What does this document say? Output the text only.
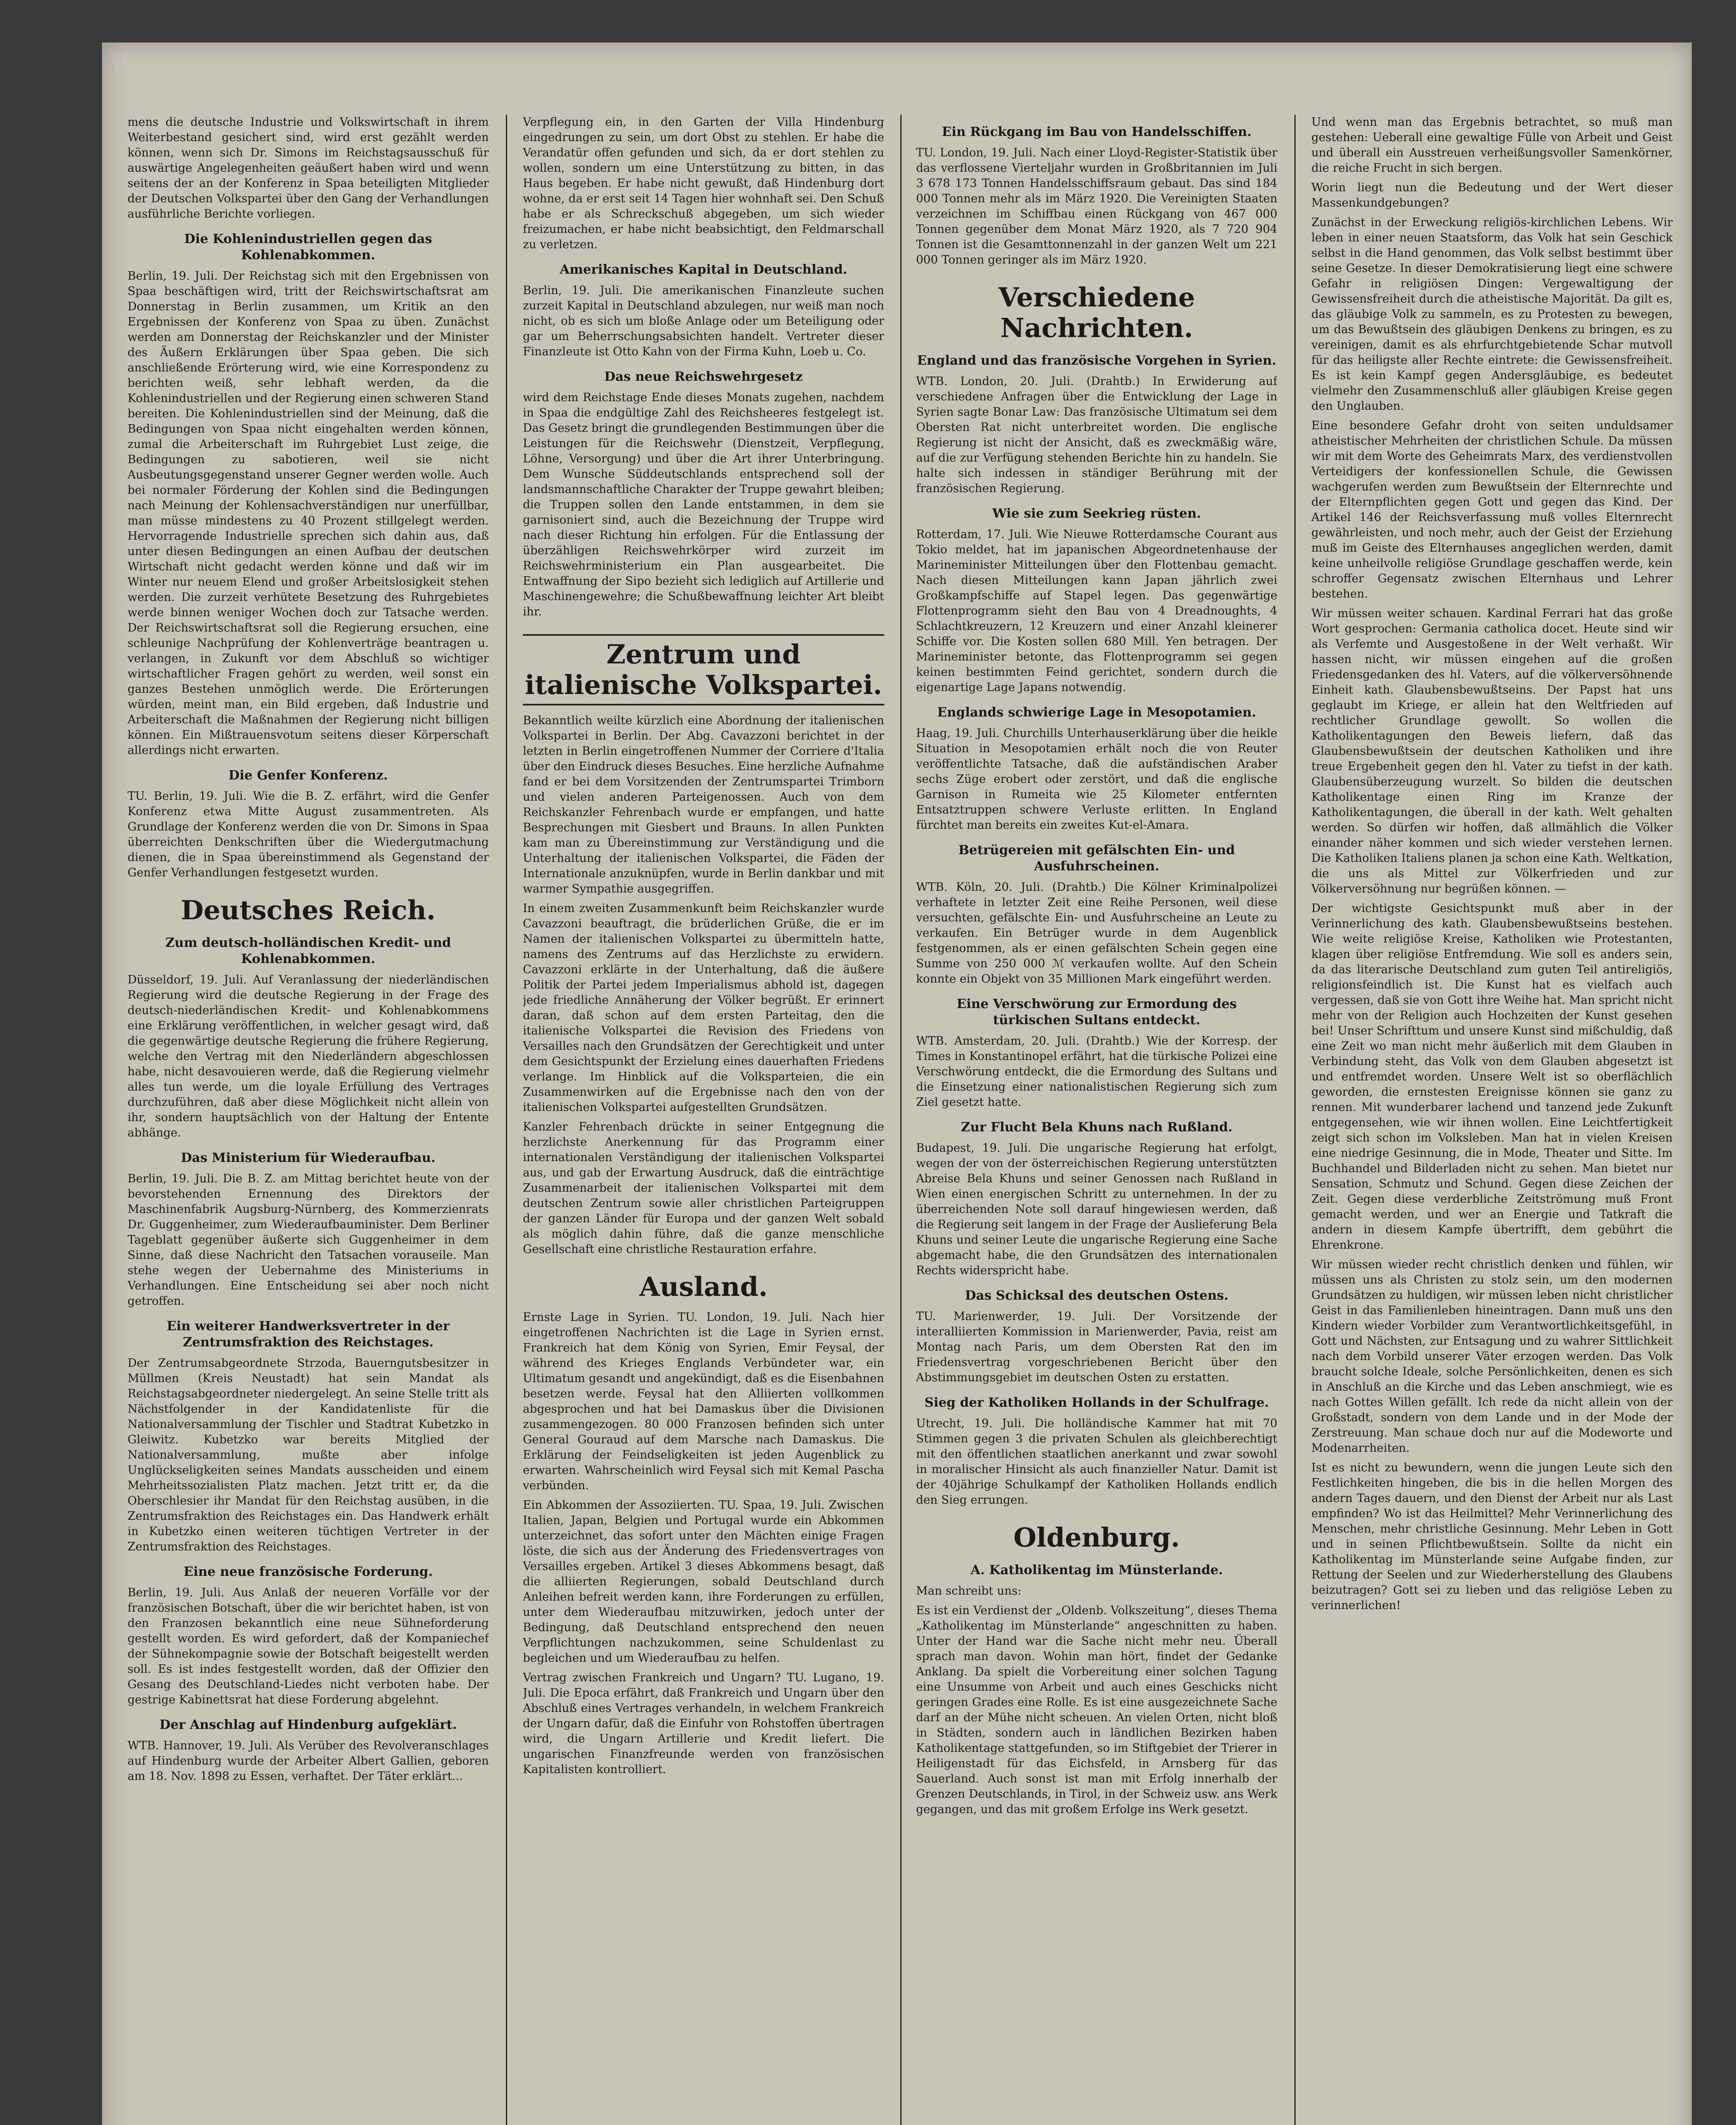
mens die deutsche Industrie und Volkswirtschaft in ihrem Weiterbestand gesichert sind, wird erst gezählt werden können, wenn sich Dr. Simons im Reichstagsausschuß für auswärtige Angelegenheiten geäußert haben wird und wenn seitens der an der Konferenz in Spaa beteiligten Mitglieder der Deutschen Volkspartei über den Gang der Verhandlungen ausführliche Berichte vorliegen.

Die Kohlenindustriellen gegen das Kohlenabkommen.

Berlin, 19. Juli. Der Reichstag sich mit den Ergebnissen von Spaa beschäftigen wird, tritt der Reichswirtschaftsrat am Donnerstag in Berlin zusammen, um Kritik an den Ergebnissen der Konferenz von Spaa zu üben. Zunächst werden am Donnerstag der Reichskanzler und der Minister des Äußern Erklärungen über Spaa geben. Die sich anschließende Erörterung wird, wie eine Korrespondenz zu berichten weiß, sehr lebhaft werden, da die Kohlenindustriellen und der Regierung einen schweren Stand bereiten. Die Kohlenindustriellen sind der Meinung, daß die Bedingungen von Spaa nicht eingehalten werden können, zumal die Arbeiterschaft im Ruhrgebiet Lust zeige, die Bedingungen zu sabotieren, weil sie nicht Ausbeutungsgegenstand unserer Gegner werden wolle. Auch bei normaler Förderung der Kohlen sind die Bedingungen nach Meinung der Kohlensachverständigen nur unerfüllbar, man müsse mindestens zu 40 Prozent stillgelegt werden. Hervorragende Industrielle sprechen sich dahin aus, daß unter diesen Bedingungen an einen Aufbau der deutschen Wirtschaft nicht gedacht werden könne und daß wir im Winter nur neuem Elend und großer Arbeitslosigkeit stehen werden. Die zurzeit verhütete Besetzung des Ruhrgebietes werde binnen weniger Wochen doch zur Tatsache werden. Der Reichswirtschaftsrat soll die Regierung ersuchen, eine schleunige Nachprüfung der Kohlenverträge beantragen u. verlangen, in Zukunft vor dem Abschluß so wichtiger wirtschaftlicher Fragen gehört zu werden, weil sonst ein ganzes Bestehen unmöglich werde. Die Erörterungen würden, meint man, ein Bild ergeben, daß Industrie und Arbeiterschaft die Maßnahmen der Regierung nicht billigen können. Ein Mißtrauensvotum seitens dieser Körperschaft allerdings nicht erwarten.

Die Genfer Konferenz.

TU. Berlin, 19. Juli. Wie die B. Z. erfährt, wird die Genfer Konferenz etwa Mitte August zusammentreten. Als Grundlage der Konferenz werden die von Dr. Simons in Spaa überreichten Denkschriften über die Wiedergutmachung dienen, die in Spaa übereinstimmend als Gegenstand der Genfer Verhandlungen festgesetzt wurden.

Deutsches Reich.
Zum deutsch-holländischen Kredit- und Kohlenabkommen.

Düsseldorf, 19. Juli. Auf Veranlassung der niederländischen Regierung wird die deutsche Regierung in der Frage des deutsch-niederländischen Kredit- und Kohlenabkommens eine Erklärung veröffentlichen, in welcher gesagt wird, daß die gegenwärtige deutsche Regierung die frühere Regierung, welche den Vertrag mit den Niederländern abgeschlossen habe, nicht desavouieren werde, daß die Regierung vielmehr alles tun werde, um die loyale Erfüllung des Vertrages durchzuführen, daß aber diese Möglichkeit nicht allein von ihr, sondern hauptsächlich von der Haltung der Entente abhänge.

Das Ministerium für Wiederaufbau.

Berlin, 19. Juli. Die B. Z. am Mittag berichtet heute von der bevorstehenden Ernennung des Direktors der Maschinenfabrik Augsburg-Nürnberg, des Kommerzienrats Dr. Guggenheimer, zum Wiederaufbauminister. Dem Berliner Tageblatt gegenüber äußerte sich Guggenheimer in dem Sinne, daß diese Nachricht den Tatsachen vorauseile. Man stehe wegen der Uebernahme des Ministeriums in Verhandlungen. Eine Entscheidung sei aber noch nicht getroffen.

Ein weiterer Handwerksvertreter in der Zentrumsfraktion des Reichstages.

Der Zentrumsabgeordnete Strzoda, Bauerngutsbesitzer in Müllmen (Kreis Neustadt) hat sein Mandat als Reichstagsabgeordneter niedergelegt. An seine Stelle tritt als Nächstfolgender in der Kandidatenliste für die Nationalversammlung der Tischler und Stadtrat Kubetzko in Gleiwitz. Kubetzko war bereits Mitglied der Nationalversammlung, mußte aber infolge Unglückseligkeiten seines Mandats ausscheiden und einem Mehrheitssozialisten Platz machen. Jetzt tritt er, da die Oberschlesier ihr Mandat für den Reichstag ausüben, in die Zentrumsfraktion des Reichstages ein. Das Handwerk erhält in Kubetzko einen weiteren tüchtigen Vertreter in der Zentrumsfraktion des Reichstages.

Eine neue französische Forderung.

Berlin, 19. Juli. Aus Anlaß der neueren Vorfälle vor der französischen Botschaft, über die wir berichtet haben, ist von den Franzosen bekanntlich eine neue Sühneforderung gestellt worden. Es wird gefordert, daß der Kompaniechef der Sühnekompagnie sowie der Botschaft beigestellt werden soll. Es ist indes festgestellt worden, daß der Offizier den Gesang des Deutschland-Liedes nicht verboten habe. Der gestrige Kabinettsrat hat diese Forderung abgelehnt.

Der Anschlag auf Hindenburg aufgeklärt.

WTB. Hannover, 19. Juli. Als Verüber des Revolveranschlages auf Hindenburg wurde der Arbeiter Albert Gallien, geboren am 18. Nov. 1898 zu Essen, verhaftet. Der Täter erklärt...

Verpflegung ein, in den Garten der Villa Hindenburg eingedrungen zu sein, um dort Obst zu stehlen. Er habe die Verandatür offen gefunden und sich, da er dort stehlen zu wollen, sondern um eine Unterstützung zu bitten, in das Haus begeben. Er habe nicht gewußt, daß Hindenburg dort wohne, da er erst seit 14 Tagen hier wohnhaft sei. Den Schuß habe er als Schreckschuß abgegeben, um sich wieder freizumachen, er habe nicht beabsichtigt, den Feldmarschall zu verletzen.

Amerikanisches Kapital in Deutschland.

Berlin, 19. Juli. Die amerikanischen Finanzleute suchen zurzeit Kapital in Deutschland abzulegen, nur weiß man noch nicht, ob es sich um bloße Anlage oder um Beteiligung oder gar um Beherrschungsabsichten handelt. Vertreter dieser Finanzleute ist Otto Kahn von der Firma Kuhn, Loeb u. Co.

Das neue Reichswehrgesetz

wird dem Reichstage Ende dieses Monats zugehen, nachdem in Spaa die endgültige Zahl des Reichsheeres festgelegt ist. Das Gesetz bringt die grundlegenden Bestimmungen über die Leistungen für die Reichswehr (Dienstzeit, Verpflegung, Löhne, Versorgung) und über die Art ihrer Unterbringung. Dem Wunsche Süddeutschlands entsprechend soll der landsmannschaftliche Charakter der Truppe gewahrt bleiben; die Truppen sollen den Lande entstammen, in dem sie garnisoniert sind, auch die Bezeichnung der Truppe wird nach dieser Richtung hin erfolgen. Für die Entlassung der überzähligen Reichswehrkörper wird zurzeit im Reichswehrministerium ein Plan ausgearbeitet. Die Entwaffnung der Sipo bezieht sich lediglich auf Artillerie und Maschinengewehre; die Schußbewaffnung leichter Art bleibt ihr.

Zentrum und italienische Volkspartei.

Bekanntlich weilte kürzlich eine Abordnung der italienischen Volkspartei in Berlin. Der Abg. Cavazzoni berichtet in der letzten in Berlin eingetroffenen Nummer der Corriere d'Italia über den Eindruck dieses Besuches. Eine herzliche Aufnahme fand er bei dem Vorsitzenden der Zentrumspartei Trimborn und vielen anderen Parteigenossen. Auch von dem Reichskanzler Fehrenbach wurde er empfangen, und hatte Besprechungen mit Giesbert und Brauns. In allen Punkten kam man zu Übereinstimmung zur Verständigung und die Unterhaltung der italienischen Volkspartei, die Fäden der Internationale anzuknüpfen, wurde in Berlin dankbar und mit warmer Sympathie ausgegriffen.

In einem zweiten Zusammenkunft beim Reichskanzler wurde Cavazzoni beauftragt, die brüderlichen Grüße, die er im Namen der italienischen Volkspartei zu übermitteln hatte, namens des Zentrums auf das Herzlichste zu erwidern. Cavazzoni erklärte in der Unterhaltung, daß die äußere Politik der Partei jedem Imperialismus abhold ist, dagegen jede friedliche Annäherung der Völker begrüßt. Er erinnert daran, daß schon auf dem ersten Parteitag, den die italienische Volkspartei die Revision des Friedens von Versailles nach den Grundsätzen der Gerechtigkeit und unter dem Gesichtspunkt der Erzielung eines dauerhaften Friedens verlange. Im Hinblick auf die Volksparteien, die ein Zusammenwirken auf die Ergebnisse nach den von der italienischen Volkspartei aufgestellten Grundsätzen.

Kanzler Fehrenbach drückte in seiner Entgegnung die herzlichste Anerkennung für das Programm einer internationalen Verständigung der italienischen Volkspartei aus, und gab der Erwartung Ausdruck, daß die einträchtige Zusammenarbeit der italienischen Volkspartei mit dem deutschen Zentrum sowie aller christlichen Parteigruppen der ganzen Länder für Europa und der ganzen Welt sobald als möglich dahin führe, daß die ganze menschliche Gesellschaft eine christliche Restauration erfahre.

Ausland.

Ernste Lage in Syrien. TU. London, 19. Juli. Nach hier eingetroffenen Nachrichten ist die Lage in Syrien ernst. Frankreich hat dem König von Syrien, Emir Feysal, der während des Krieges Englands Verbündeter war, ein Ultimatum gesandt und angekündigt, daß es die Eisenbahnen besetzen werde. Feysal hat den Alliierten vollkommen abgesprochen und hat bei Damaskus über die Divisionen zusammengezogen. 80 000 Franzosen befinden sich unter General Gouraud auf dem Marsche nach Damaskus. Die Erklärung der Feindseligkeiten ist jeden Augenblick zu erwarten. Wahrscheinlich wird Feysal sich mit Kemal Pascha verbünden.

Ein Abkommen der Assoziierten. TU. Spaa, 19. Juli. Zwischen Italien, Japan, Belgien und Portugal wurde ein Abkommen unterzeichnet, das sofort unter den Mächten einige Fragen löste, die sich aus der Änderung des Friedensvertrages von Versailles ergeben. Artikel 3 dieses Abkommens besagt, daß die alliierten Regierungen, sobald Deutschland durch Anleihen befreit werden kann, ihre Forderungen zu erfüllen, unter dem Wiederaufbau mitzuwirken, jedoch unter der Bedingung, daß Deutschland entsprechend den neuen Verpflichtungen nachzukommen, seine Schuldenlast zu begleichen und um Wiederaufbau zu helfen.

Vertrag zwischen Frankreich und Ungarn? TU. Lugano, 19. Juli. Die Epoca erfährt, daß Frankreich und Ungarn über den Abschluß eines Vertrages verhandeln, in welchem Frankreich der Ungarn dafür, daß die Einfuhr von Rohstoffen übertragen wird, die Ungarn Artillerie und Kredit liefert. Die ungarischen Finanzfreunde werden von französischen Kapitalisten kontrolliert.

Ein Rückgang im Bau von Handelsschiffen.

TU. London, 19. Juli. Nach einer Lloyd-Register-Statistik über das verflossene Vierteljahr wurden in Großbritannien im Juli 3 678 173 Tonnen Handelsschiffsraum gebaut. Das sind 184 000 Tonnen mehr als im März 1920. Die Vereinigten Staaten verzeichnen im Schiffbau einen Rückgang von 467 000 Tonnen gegenüber dem Monat März 1920, als 7 720 904 Tonnen ist die Gesamttonnenzahl in der ganzen Welt um 221 000 Tonnen geringer als im März 1920.

Verschiedene Nachrichten.
England und das französische Vorgehen in Syrien.

WTB. London, 20. Juli. (Drahtb.) In Erwiderung auf verschiedene Anfragen über die Entwicklung der Lage in Syrien sagte Bonar Law: Das französische Ultimatum sei dem Obersten Rat nicht unterbreitet worden. Die englische Regierung ist nicht der Ansicht, daß es zweckmäßig wäre, auf die zur Verfügung stehenden Berichte hin zu handeln. Sie halte sich indessen in ständiger Berührung mit der französischen Regierung.

Wie sie zum Seekrieg rüsten.

Rotterdam, 17. Juli. Wie Nieuwe Rotterdamsche Courant aus Tokio meldet, hat im japanischen Abgeordnetenhause der Marineminister Mitteilungen über den Flottenbau gemacht. Nach diesen Mitteilungen kann Japan jährlich zwei Großkampfschiffe auf Stapel legen. Das gegenwärtige Flottenprogramm sieht den Bau von 4 Dreadnoughts, 4 Schlachtkreuzern, 12 Kreuzern und einer Anzahl kleinerer Schiffe vor. Die Kosten sollen 680 Mill. Yen betragen. Der Marineminister betonte, das Flottenprogramm sei gegen keinen bestimmten Feind gerichtet, sondern durch die eigenartige Lage Japans notwendig.

Englands schwierige Lage in Mesopotamien.

Haag, 19. Juli. Churchills Unterhauserklärung über die heikle Situation in Mesopotamien erhält noch die von Reuter veröffentlichte Tatsache, daß die aufständischen Araber sechs Züge erobert oder zerstört, und daß die englische Garnison in Rumeita wie 25 Kilometer entfernten Entsatztruppen schwere Verluste erlitten. In England fürchtet man bereits ein zweites Kut-el-Amara.

Betrügereien mit gefälschten Ein- und Ausfuhrscheinen.

WTB. Köln, 20. Juli. (Drahtb.) Die Kölner Kriminalpolizei verhaftete in letzter Zeit eine Reihe Personen, weil diese versuchten, gefälschte Ein- und Ausfuhrscheine an Leute zu verkaufen. Ein Betrüger wurde in dem Augenblick festgenommen, als er einen gefälschten Schein gegen eine Summe von 250 000 ℳ verkaufen wollte. Auf den Schein konnte ein Objekt von 35 Millionen Mark eingeführt werden.

Eine Verschwörung zur Ermordung des türkischen Sultans entdeckt.

WTB. Amsterdam, 20. Juli. (Drahtb.) Wie der Korresp. der Times in Konstantinopel erfährt, hat die türkische Polizei eine Verschwörung entdeckt, die die Ermordung des Sultans und die Einsetzung einer nationalistischen Regierung sich zum Ziel gesetzt hatte.

Zur Flucht Bela Khuns nach Rußland.

Budapest, 19. Juli. Die ungarische Regierung hat erfolgt, wegen der von der österreichischen Regierung unterstützten Abreise Bela Khuns und seiner Genossen nach Rußland in Wien einen energischen Schritt zu unternehmen. In der zu überreichenden Note soll darauf hingewiesen werden, daß die Regierung seit langem in der Frage der Auslieferung Bela Khuns und seiner Leute die ungarische Regierung eine Sache abgemacht habe, die den Grundsätzen des internationalen Rechts widerspricht habe.

Das Schicksal des deutschen Ostens.

TU. Marienwerder, 19. Juli. Der Vorsitzende der interalliierten Kommission in Marienwerder, Pavia, reist am Montag nach Paris, um dem Obersten Rat den im Friedensvertrag vorgeschriebenen Bericht über den Abstimmungsgebiet im deutschen Osten zu erstatten.

Sieg der Katholiken Hollands in der Schulfrage.

Utrecht, 19. Juli. Die holländische Kammer hat mit 70 Stimmen gegen 3 die privaten Schulen als gleichberechtigt mit den öffentlichen staatlichen anerkannt und zwar sowohl in moralischer Hinsicht als auch finanzieller Natur. Damit ist der 40jährige Schulkampf der Katholiken Hollands endlich den Sieg errungen.

Oldenburg.
A. Katholikentag im Münsterlande.

Man schreibt uns:

Es ist ein Verdienst der „Oldenb. Volkszeitung“, dieses Thema „Katholikentag im Münsterlande“ angeschnitten zu haben. Unter der Hand war die Sache nicht mehr neu. Überall sprach man davon. Wohin man hört, findet der Gedanke Anklang. Da spielt die Vorbereitung einer solchen Tagung eine Unsumme von Arbeit und auch eines Geschicks nicht geringen Grades eine Rolle. Es ist eine ausgezeichnete Sache darf an der Mühe nicht scheuen. An vielen Orten, nicht bloß in Städten, sondern auch in ländlichen Bezirken haben Katholikentage stattgefunden, so im Stiftgebiet der Trierer in Heiligenstadt für das Eichsfeld, in Arnsberg für das Sauerland. Auch sonst ist man mit Erfolg innerhalb der Grenzen Deutschlands, in Tirol, in der Schweiz usw. ans Werk gegangen, und das mit großem Erfolge ins Werk gesetzt.

Und wenn man das Ergebnis betrachtet, so muß man gestehen: Ueberall eine gewaltige Fülle von Arbeit und Geist und überall ein Ausstreuen verheißungsvoller Samenkörner, die reiche Frucht in sich bergen.

Worin liegt nun die Bedeutung und der Wert dieser Massenkundgebungen?

Zunächst in der Erweckung religiös-kirchlichen Lebens. Wir leben in einer neuen Staatsform, das Volk hat sein Geschick selbst in die Hand genommen, das Volk selbst bestimmt über seine Gesetze. In dieser Demokratisierung liegt eine schwere Gefahr in religiösen Dingen: Vergewaltigung der Gewissensfreiheit durch die atheistische Majorität. Da gilt es, das gläubige Volk zu sammeln, es zu Protesten zu bewegen, um das Bewußtsein des gläubigen Denkens zu bringen, es zu vereinigen, damit es als ehrfurchtgebietende Schar mutvoll für das heiligste aller Rechte eintrete: die Gewissensfreiheit. Es ist kein Kampf gegen Andersgläubige, es bedeutet vielmehr den Zusammenschluß aller gläubigen Kreise gegen den Unglauben.

Eine besondere Gefahr droht von seiten unduldsamer atheistischer Mehrheiten der christlichen Schule. Da müssen wir mit dem Worte des Geheimrats Marx, des verdienstvollen Verteidigers der konfessionellen Schule, die Gewissen wachgerufen werden zum Bewußtsein der Elternrechte und der Elternpflichten gegen Gott und gegen das Kind. Der Artikel 146 der Reichsverfassung muß volles Elternrecht gewährleisten, und noch mehr, auch der Geist der Erziehung muß im Geiste des Elternhauses angeglichen werden, damit keine unheilvolle religiöse Grundlage geschaffen werde, kein schroffer Gegensatz zwischen Elternhaus und Lehrer bestehen.

Wir müssen weiter schauen. Kardinal Ferrari hat das große Wort gesprochen: Germania catholica docet. Heute sind wir als Verfemte und Ausgestoßene in der Welt verhaßt. Wir hassen nicht, wir müssen eingehen auf die großen Friedensgedanken des hl. Vaters, auf die völkerversöhnende Einheit kath. Glaubensbewußtseins. Der Papst hat uns geglaubt im Kriege, er allein hat den Weltfrieden auf rechtlicher Grundlage gewollt. So wollen die Katholikentagungen den Beweis liefern, daß das Glaubensbewußtsein der deutschen Katholiken und ihre treue Ergebenheit gegen den hl. Vater zu tiefst in der kath. Glaubensüberzeugung wurzelt. So bilden die deutschen Katholikentage einen Ring im Kranze der Katholikentagungen, die überall in der kath. Welt gehalten werden. So dürfen wir hoffen, daß allmählich die Völker einander näher kommen und sich wieder verstehen lernen. Die Katholiken Italiens planen ja schon eine Kath. Weltkation, die uns als Mittel zur Völkerfrieden und zur Völkerversöhnung nur begrüßen können. —

Der wichtigste Gesichtspunkt muß aber in der Verinnerlichung des kath. Glaubensbewußtseins bestehen. Wie weite religiöse Kreise, Katholiken wie Protestanten, klagen über religiöse Entfremdung. Wie soll es anders sein, da das literarische Deutschland zum guten Teil antireligiös, religionsfeindlich ist. Die Kunst hat es vielfach auch vergessen, daß sie von Gott ihre Weihe hat. Man spricht nicht mehr von der Religion auch Hochzeiten der Kunst gesehen bei! Unser Schrifttum und unsere Kunst sind mißchuldig, daß eine Zeit wo man nicht mehr äußerlich mit dem Glauben in Verbindung steht, das Volk von dem Glauben abgesetzt ist und entfremdet worden. Unsere Welt ist so oberflächlich geworden, die ernstesten Ereignisse können sie ganz zu rennen. Mit wunderbarer lachend und tanzend jede Zukunft entgegensehen, wie wir ihnen wollen. Eine Leichtfertigkeit zeigt sich schon im Volksleben. Man hat in vielen Kreisen eine niedrige Gesinnung, die in Mode, Theater und Sitte. Im Buchhandel und Bilderladen nicht zu sehen. Man bietet nur Sensation, Schmutz und Schund. Gegen diese Zeichen der Zeit. Gegen diese verderbliche Zeitströmung muß Front gemacht werden, und wer an Energie und Tatkraft die andern in diesem Kampfe übertrifft, dem gebührt die Ehrenkrone.

Wir müssen wieder recht christlich denken und fühlen, wir müssen uns als Christen zu stolz sein, um den modernen Grundsätzen zu huldigen, wir müssen leben nicht christlicher Geist in das Familienleben hineintragen. Dann muß uns den Kindern wieder Vorbilder zum Verantwortlichkeitsgefühl, in Gott und Nächsten, zur Entsagung und zu wahrer Sittlichkeit nach dem Vorbild unserer Väter erzogen werden. Das Volk braucht solche Ideale, solche Persönlichkeiten, denen es sich in Anschluß an die Kirche und das Leben anschmiegt, wie es nach Gottes Willen gefällt. Ich rede da nicht allein von der Großstadt, sondern von dem Lande und in der Mode der Zerstreuung. Man schaue doch nur auf die Modeworte und Modenarrheiten.

Ist es nicht zu bewundern, wenn die jungen Leute sich den Festlichkeiten hingeben, die bis in die hellen Morgen des andern Tages dauern, und den Dienst der Arbeit nur als Last empfinden? Wo ist das Heilmittel? Mehr Verinnerlichung des Menschen, mehr christliche Gesinnung. Mehr Leben in Gott und in seinen Pflichtbewußtsein. Sollte da nicht ein Katholikentag im Münsterlande seine Aufgabe finden, zur Rettung der Seelen und zur Wiederherstellung des Glaubens beizutragen? Gott sei zu lieben und das religiöse Leben zu verinnerlichen!
